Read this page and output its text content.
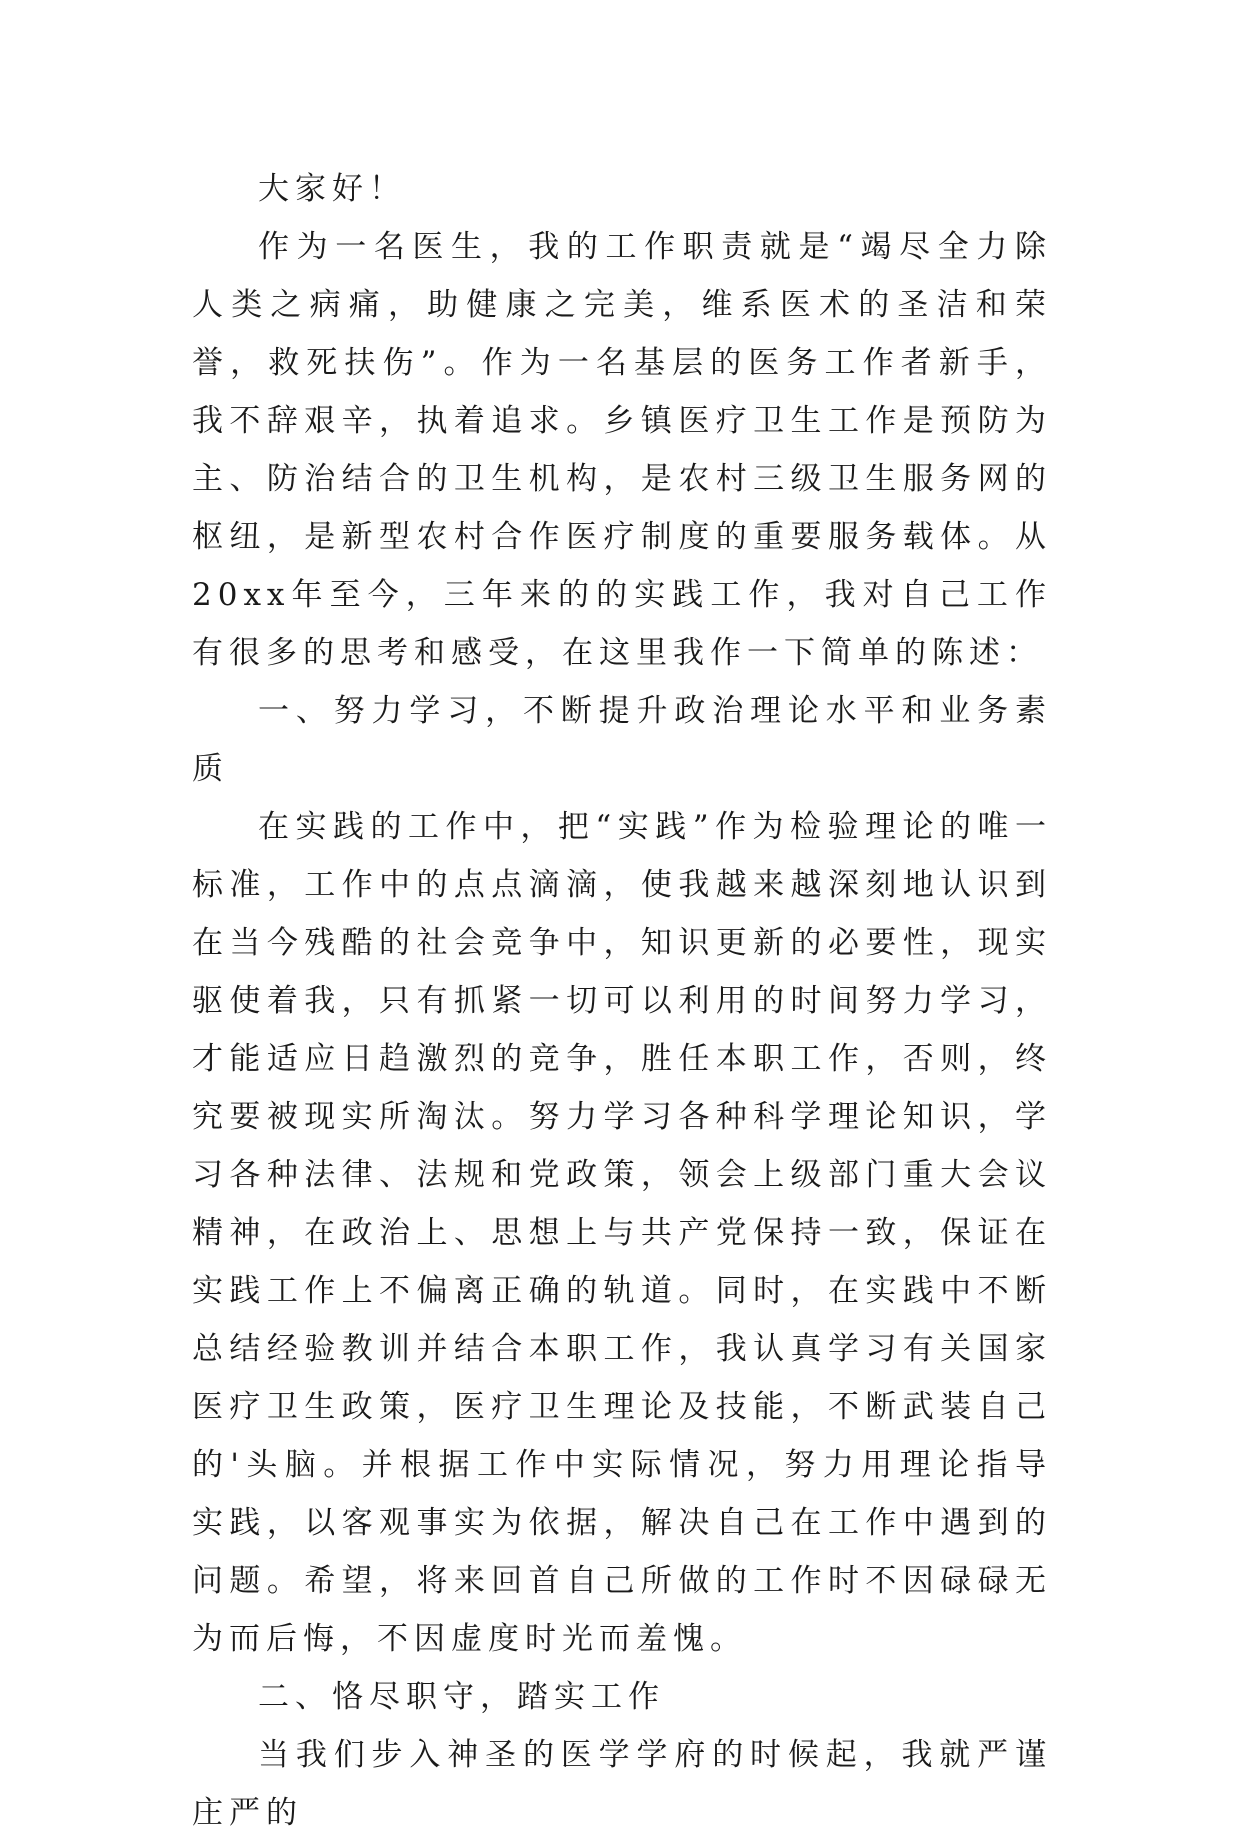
大家好！

作为一名医生，我的工作职责就是“竭尽全力除人类之病痛，助健康之完美，维系医术的圣洁和荣誉，救死扶伤”。作为一名基层的医务工作者新手，我不辞艰辛，执着追求。乡镇医疗卫生工作是预防为主、防治结合的卫生机构，是农村三级卫生服务网的枢纽，是新型农村合作医疗制度的重要服务载体。从20xx年至今，三年来的的实践工作，我对自己工作有很多的思考和感受，在这里我作一下简单的陈述：

一、努力学习，不断提升政治理论水平和业务素质

在实践的工作中，把“实践”作为检验理论的唯一标准，工作中的点点滴滴，使我越来越深刻地认识到在当今残酷的社会竞争中，知识更新的必要性，现实驱使着我，只有抓紧一切可以利用的时间努力学习，才能适应日趋激烈的竞争，胜任本职工作，否则，终究要被现实所淘汰。努力学习各种科学理论知识，学习各种法律、法规和党政策，领会上级部门重大会议精神，在政治上、思想上与共产党保持一致，保证在实践工作上不偏离正确的轨道。同时，在实践中不断总结经验教训并结合本职工作，我认真学习有关国家医疗卫生政策，医疗卫生理论及技能，不断武装自己的'头脑。并根据工作中实际情况，努力用理论指导实践，以客观事实为依据，解决自己在工作中遇到的问题。希望，将来回首自己所做的工作时不因碌碌无为而后悔，不因虚度时光而羞愧。

二、恪尽职守，踏实工作

当我们步入神圣的医学学府的时候起，我就严谨庄严的
